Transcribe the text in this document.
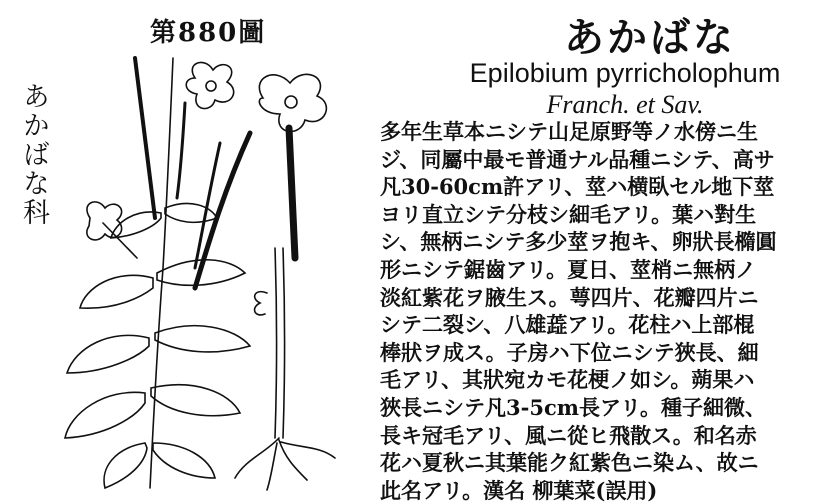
第880圖
あかばな科
あかばな
Epilobium pyrricholophum
Franch. et Sav.
多年生草本ニシテ山足原野等ノ水傍ニ生
ジ、同屬中最モ普通ナル品種ニシテ、高サ
凡30-60cm許アリ、莖ハ横臥セル地下莖
ヨリ直立シテ分枝シ細毛アリ。葉ハ對生
シ、無柄ニシテ多少莖ヲ抱キ、卵狀長橢圓
形ニシテ鋸齒アリ。夏日、莖梢ニ無柄ノ
淡紅紫花ヲ腋生ス。萼四片、花瓣四片ニ
シテ二裂シ、八雄蕋アリ。花柱ハ上部棍
棒狀ヲ成ス。子房ハ下位ニシテ狹長、細
毛アリ、其狀宛カモ花梗ノ如シ。蒴果ハ
狹長ニシテ凡3-5cm長アリ。種子細微、
長キ冠毛アリ、風ニ從ヒ飛散ス。和名赤
花ハ夏秋ニ其葉能ク紅紫色ニ染ム、故ニ
此名アリ。漢名 柳葉菜(誤用)
